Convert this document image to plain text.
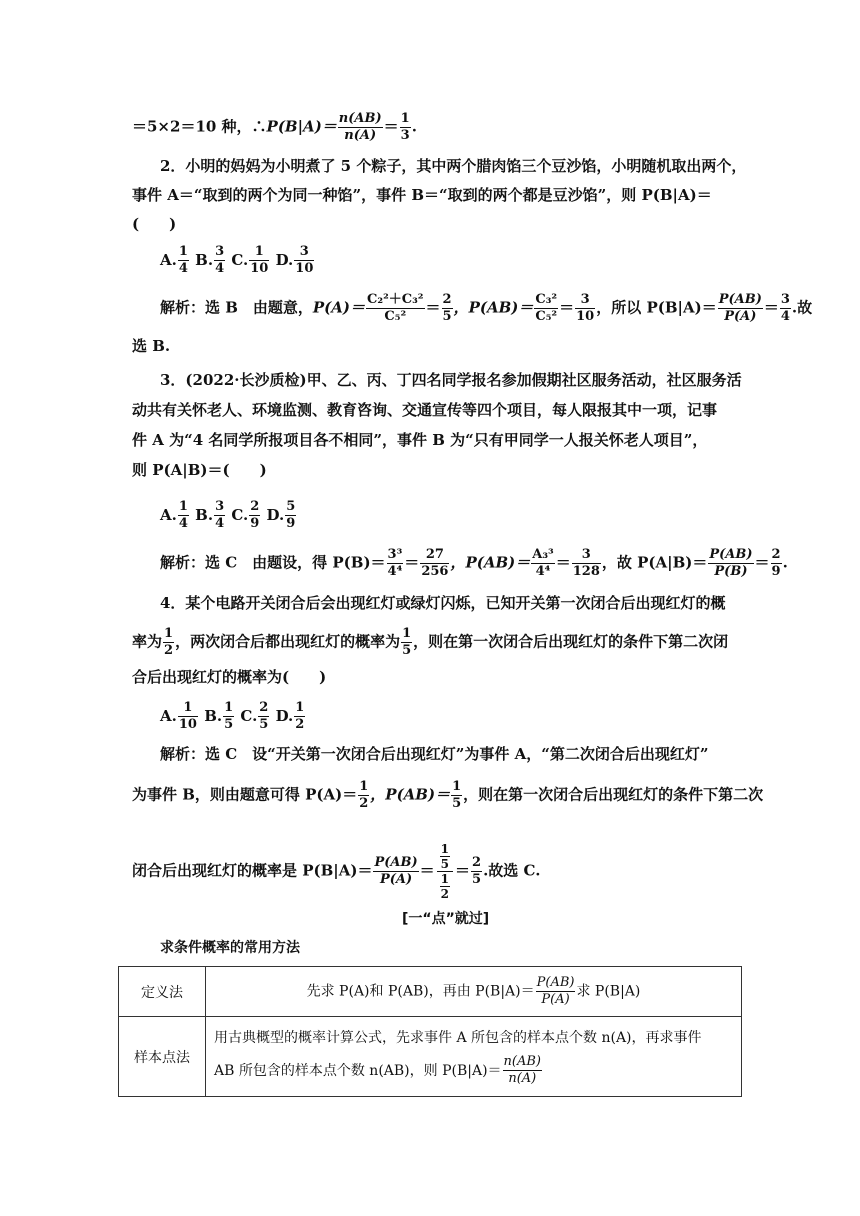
＝5×2＝10 种，∴P(B|A)＝ $\frac{n(AB)}{n(A)} = \frac{1}{3}$ .
2．小明的妈妈为小明煮了 5 个粽子，其中两个腊肉馅三个豆沙馅，小明随机取出两个，
事件 A＝“取到的两个为同一种馅”，事件 B＝“取到的两个都是豆沙馅”，则 P(B|A)＝
(　　)
A. $\frac{1}{4} B$. $\frac{3}{4} C$. $\frac{1}{10} D$. $\frac{3}{10}$
解析：选 B　由题意，$P(A)= \frac{\text{C₂²＋C₃²}}{\text{C₅²}} = \frac{2}{5}$ ，$P(AB)= \frac{\text{C₃²}}{\text{C₅²}} = \frac{3}{10}$ ，所以 $P(B|A)= \frac{P(AB)}{P(A)} = \frac{3}{4}$ .故
选 B.
3．(2022·长沙质检)甲、乙、丙、丁四名同学报名参加假期社区服务活动，社区服务活
动共有关怀老人、环境监测、教育咨询、交通宣传等四个项目，每人限报其中一项，记事
件 A 为“4 名同学所报项目各不相同”，事件 B 为“只有甲同学一人报关怀老人项目”，
则 P(A|B)＝(　　)
A. $\frac{1}{4} B$. $\frac{3}{4} C$. $\frac{2}{9} D$. $\frac{5}{9}$
解析：选 C　由题设，得 $P(B)= \frac{\text{3³}}{\text{4⁴}} = \frac{27}{256}$ ，$P(AB)= \frac{\text{A₃³}}{\text{4⁴}} = \frac{3}{128}$ ，故 $P(A|B)= \frac{P(AB)}{P(B)} = \frac{2}{9}$ .
4．某个电路开关闭合后会出现红灯或绿灯闪烁，已知开关第一次闭合后出现红灯的概
率为 $\frac{1}{2}$ ，两次闭合后都出现红灯的概率为 $\frac{1}{5}$ ，则在第一次闭合后出现红灯的条件下第二次闭
合后出现红灯的概率为(　　)
A. $\frac{1}{10} B$. $\frac{1}{5} C$. $\frac{2}{5} D$. $\frac{1}{2}$
解析：选 C　设“开关第一次闭合后出现红灯”为事件 A，“第二次闭合后出现红灯”
为事件 B，则由题意可得 $P(A)= \frac{1}{2}$ ，$P(AB)= \frac{1}{5}$ ，则在第一次闭合后出现红灯的条件下第二次
闭合后出现红灯的概率是 $P(B|A)= \frac{P(AB)}{P(A)} = \frac{\frac{1}{5}}{\frac{1}{2}} = \frac{2}{5}$ .故选 C.
[一“点”就过]
求条件概率的常用方法
定义法	先求 P(A)和 P(AB)，再由 $P(B|A)= \frac{P(AB)}{P(A)}$ 求 P(B|A)
样本点法	用古典概型的概率计算公式，先求事件 A 所包含的样本点个数 n(A)，再求事件
AB 所包含的样本点个数 n(AB)，则 $P(B|A)= \frac{n(AB)}{n(A)}$
